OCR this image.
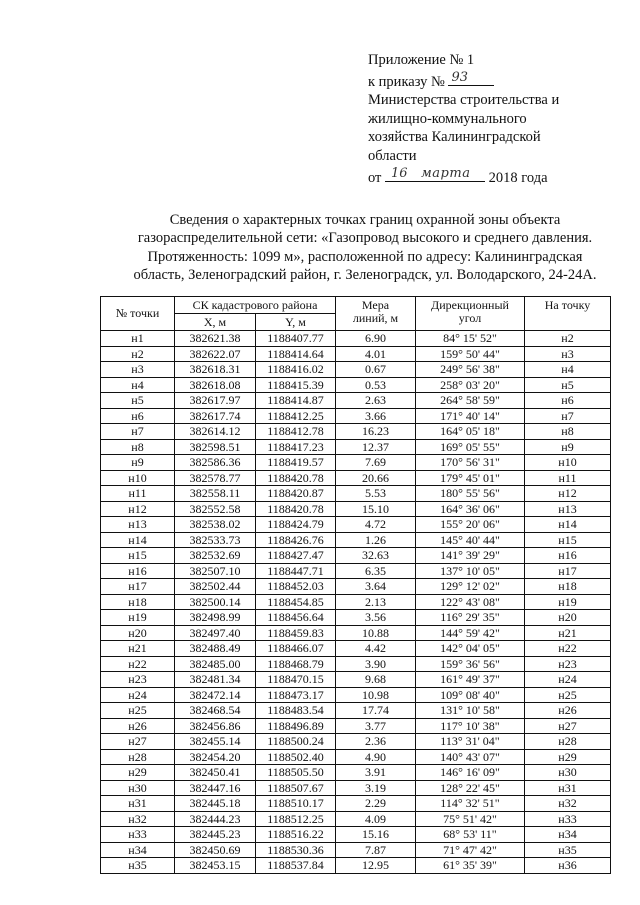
Приложение № 1
к приказу № 93
Министерства строительства и
жилищно-коммунального
хозяйства Калининградской
области
от 16 марта 2018 года
Сведения о характерных точках границ охранной зоны объекта
газораспределительной сети: «Газопровод высокого и среднего давления.
Протяженность: 1099 м», расположенной по адресу: Калининградская
область, Зеленоградский район, г. Зеленоградск, ул. Володарского, 24-24А.
№ точки	СК кадастрового района		Мера линий, м	Дирекционный угол	На точку
	X, м	Y, м			
н1	382621.38	1188407.77	6.90	84° 15' 52"	н2
н2	382622.07	1188414.64	4.01	159° 50' 44"	н3
н3	382618.31	1188416.02	0.67	249° 56' 38"	н4
н4	382618.08	1188415.39	0.53	258° 03' 20"	н5
н5	382617.97	1188414.87	2.63	264° 58' 59"	н6
н6	382617.74	1188412.25	3.66	171° 40' 14"	н7
н7	382614.12	1188412.78	16.23	164° 05' 18"	н8
н8	382598.51	1188417.23	12.37	169° 05' 55"	н9
н9	382586.36	1188419.57	7.69	170° 56' 31"	н10
н10	382578.77	1188420.78	20.66	179° 45' 01"	н11
н11	382558.11	1188420.87	5.53	180° 55' 56"	н12
н12	382552.58	1188420.78	15.10	164° 36' 06"	н13
н13	382538.02	1188424.79	4.72	155° 20' 06"	н14
н14	382533.73	1188426.76	1.26	145° 40' 44"	н15
н15	382532.69	1188427.47	32.63	141° 39' 29"	н16
н16	382507.10	1188447.71	6.35	137° 10' 05"	н17
н17	382502.44	1188452.03	3.64	129° 12' 02"	н18
н18	382500.14	1188454.85	2.13	122° 43' 08"	н19
н19	382498.99	1188456.64	3.56	116° 29' 35"	н20
н20	382497.40	1188459.83	10.88	144° 59' 42"	н21
н21	382488.49	1188466.07	4.42	142° 04' 05"	н22
н22	382485.00	1188468.79	3.90	159° 36' 56"	н23
н23	382481.34	1188470.15	9.68	161° 49' 37"	н24
н24	382472.14	1188473.17	10.98	109° 08' 40"	н25
н25	382468.54	1188483.54	17.74	131° 10' 58"	н26
н26	382456.86	1188496.89	3.77	117° 10' 38"	н27
н27	382455.14	1188500.24	2.36	113° 31' 04"	н28
н28	382454.20	1188502.40	4.90	140° 43' 07"	н29
н29	382450.41	1188505.50	3.91	146° 16' 09"	н30
н30	382447.16	1188507.67	3.19	128° 22' 45"	н31
н31	382445.18	1188510.17	2.29	114° 32' 51"	н32
н32	382444.23	1188512.25	4.09	75° 51' 42"	н33
н33	382445.23	1188516.22	15.16	68° 53' 11"	н34
н34	382450.69	1188530.36	7.87	71° 47' 42"	н35
н35	382453.15	1188537.84	12.95	61° 35' 39"	н36
